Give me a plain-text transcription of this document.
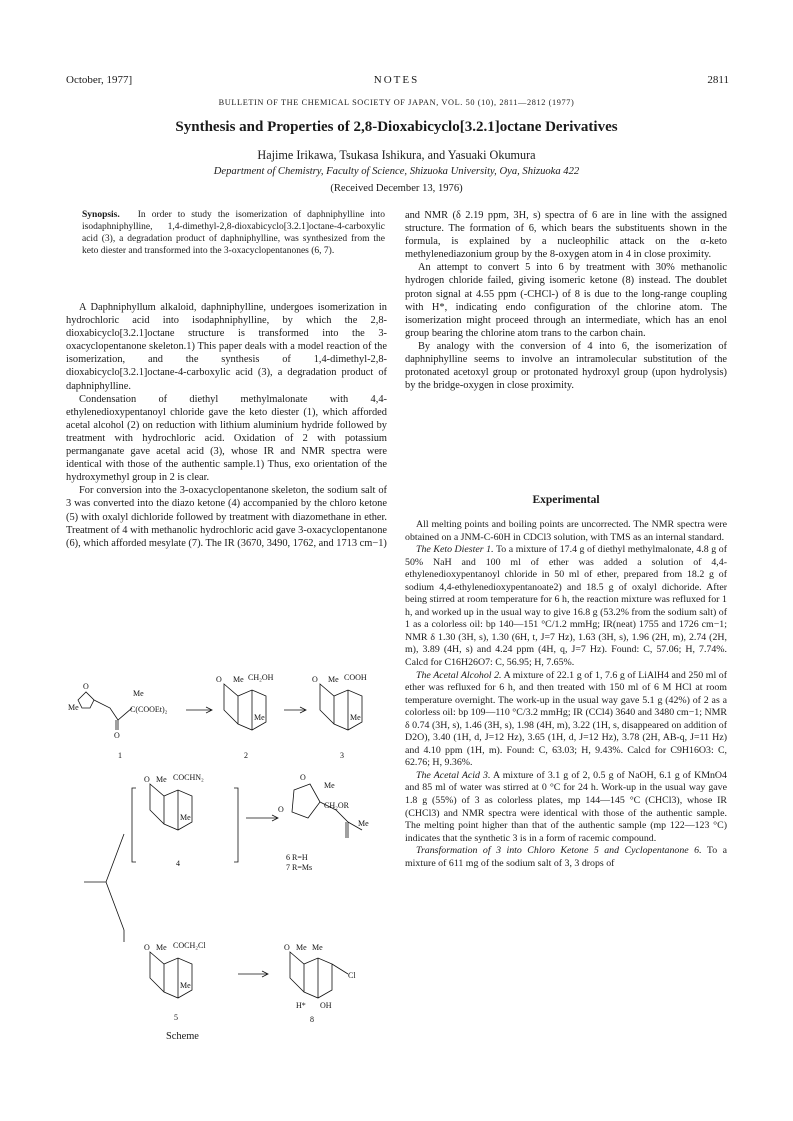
October, 1977]	NOTES	2811
BULLETIN OF THE CHEMICAL SOCIETY OF JAPAN, VOL. 50 (10), 2811—2812 (1977)
Synthesis and Properties of 2,8-Dioxabicyclo[3.2.1]octane Derivatives
Hajime Irikawa, Tsukasa Ishikura, and Yasuaki Okumura
Department of Chemistry, Faculty of Science, Shizuoka University, Oya, Shizuoka 422
(Received December 13, 1976)
Synopsis. In order to study the isomerization of daphniphylline into isodaphniphylline, 1,4-dimethyl-2,8-dioxabicyclo[3.2.1]octane-4-carboxylic acid (3), a degradation product of daphniphylline, was synthesized from the keto diester and transformed into the 3-oxacyclopentanones (6, 7).

A Daphniphyllum alkaloid, daphniphylline, undergoes isomerization in hydrochloric acid into isodaphniphylline, by which the 2,8-dioxabicyclo[3.2.1]octane structure is transformed into the 3-oxacyclopentanone skeleton.1) This paper deals with a model reaction of the isomerization, and the synthesis of 1,4-dimethyl-2,8-dioxabicyclo[3.2.1]octane-4-carboxylic acid (3), a degradation product of daphniphylline.

Condensation of diethyl methylmalonate with 4,4-ethylenedioxypentanoyl chloride gave the keto diester (1), which afforded acetal alcohol (2) on reduction with lithium aluminium hydride followed by treatment with hydrochloric acid. Oxidation of 2 with potassium permanganate gave acetal acid (3), whose IR and NMR spectra were identical with those of the authentic sample.1) Thus, exo orientation of the hydroxymethyl group in 2 is clear.

For conversion into the 3-oxacyclopentanone skeleton, the sodium salt of 3 was converted into the diazo ketone (4) accompanied by the chloro ketone (5) with oxalyl dichloride followed by treatment with diazomethane in ether. Treatment of 4 with methanolic hydrochloric acid gave 3-oxacyclopentanone (6), which afforded mesylate (7). The IR (3670, 3490, 1762, and 1713 cm−1)

O
Me
Me
C(COOEt)₂
O
1
O Me CH₂OH
Me
2
O Me COOH
Me
3
O Me COCHN₂
Me
4
O
Me
CH₂OR
Me
O
6 R=H
7 R=Ms
O Me COCH₂Cl
Me
5
O Me Me
Cl
OH
H*
8
Scheme

and NMR (δ 2.19 ppm, 3H, s) spectra of 6 are in line with the assigned structure. The formation of 6, which bears the substituents shown in the formula, is explained by a nucleophilic attack on the α-keto methylenediazonium group by the 8-oxygen atom in 4 in close proximity.

An attempt to convert 5 into 6 by treatment with 30% methanolic hydrogen chloride failed, giving isomeric ketone (8) instead. The doublet proton signal at 4.55 ppm (-CHCl-) of 8 is due to the long-range coupling with H*, indicating endo configuration of the chlorine atom. The isomerization might proceed through an intermediate, which has an enol group bearing the chlorine atom trans to the carbon chain.

By analogy with the conversion of 4 into 6, the isomerization of daphniphylline seems to involve an intramolecular substitution of the protonated acetoxyl group or protonated hydroxyl group (upon hydrolysis) by the bridge-oxygen in close proximity.

Experimental

All melting points and boiling points are uncorrected. The NMR spectra were obtained on a JNM-C-60H in CDCl3 solution, with TMS as an internal standard.

The Keto Diester 1. To a mixture of 17.4 g of diethyl methylmalonate, 4.8 g of 50% NaH and 100 ml of ether was added a solution of 4,4-ethylenedioxypentanoyl chloride in 50 ml of ether, prepared from 18.2 g of sodium 4,4-ethylenedioxypentanoate2) and 18.5 g of oxalyl dichoride. After being stirred at room temperature for 6 h, the reaction mixture was refluxed for 1 h, and worked up in the usual way to give 16.8 g (53.2% from the sodium salt) of 1 as a colorless oil: bp 140—151 °C/1.2 mmHg; IR(neat) 1755 and 1726 cm−1; NMR δ 1.30 (3H, s), 1.30 (6H, t, J=7 Hz), 1.63 (3H, s), 1.96 (2H, m), 2.74 (2H, m), 3.89 (4H, s) and 4.24 ppm (4H, q, J=7 Hz). Found: C, 57.06; H, 7.74%. Calcd for C16H26O7: C, 56.95; H, 7.65%.

The Acetal Alcohol 2. A mixture of 22.1 g of 1, 7.6 g of LiAlH4 and 250 ml of ether was refluxed for 6 h, and then treated with 150 ml of 6 M HCl at room temperature overnight. The work-up in the usual way gave 5.1 g (42%) of 2 as a colorless oil: bp 109—110 °C/3.2 mmHg; IR (CCl4) 3640 and 3480 cm−1; NMR δ 0.74 (3H, s), 1.46 (3H, s), 1.98 (4H, m), 3.22 (1H, s, disappeared on addition of D2O), 3.40 (1H, d, J=12 Hz), 3.65 (1H, d, J=12 Hz), 3.78 (2H, AB-q, J=11 Hz) and 4.10 ppm (1H, m). Found: C, 63.03; H, 9.43%. Calcd for C9H16O3: C, 62.76; H, 9.36%.

The Acetal Acid 3. A mixture of 3.1 g of 2, 0.5 g of NaOH, 6.1 g of KMnO4 and 85 ml of water was stirred at 0 °C for 24 h. Work-up in the usual way gave 1.8 g (55%) of 3 as colorless plates, mp 144—145 °C (CHCl3), whose IR (CHCl3) and NMR spectra were identical with those of the authentic sample. The melting point higher than that of the authentic sample (mp 122—123 °C) indicates that the synthetic 3 is in a form of racemic compound.

Transformation of 3 into Chloro Ketone 5 and Cyclopentanone 6. To a mixture of 611 mg of the sodium salt of 3, 3 drops of
